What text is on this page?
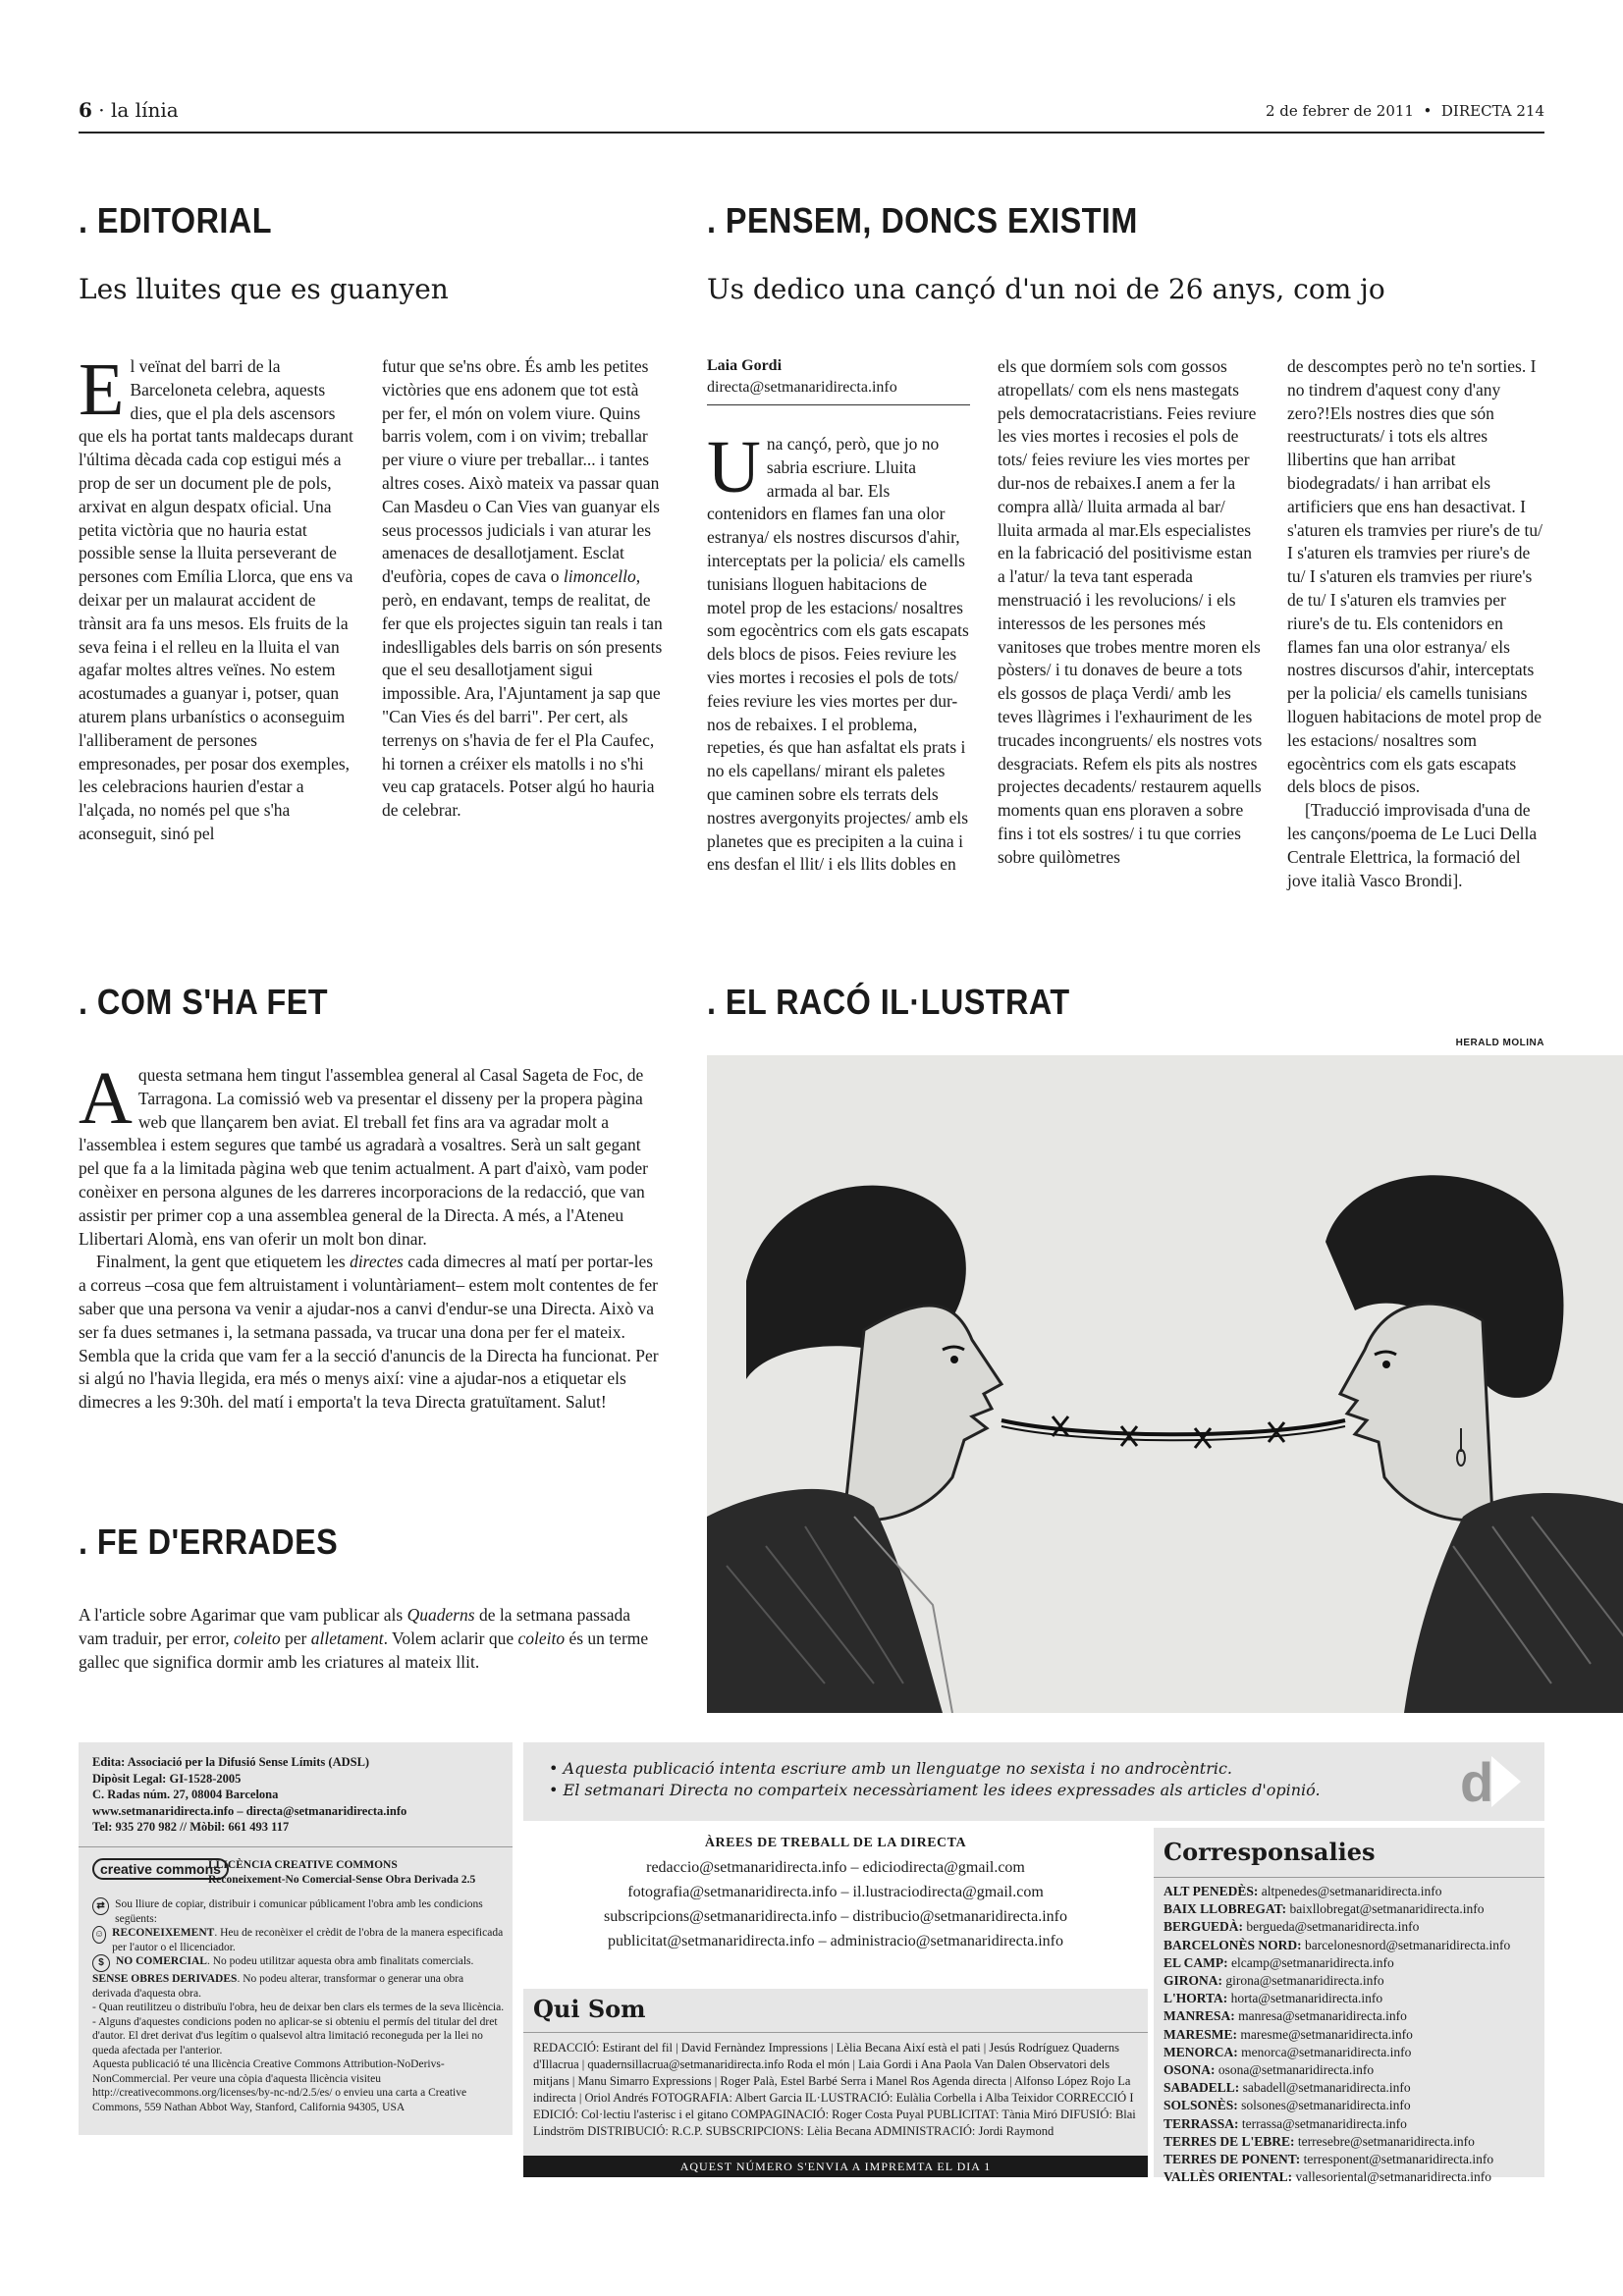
6 · la línia	2 de febrer de 2011  •  DIRECTA 214
. EDITORIAL
Les lluites que es guanyen

El veïnat del barri de la Barceloneta celebra, aquests dies, que el pla dels ascensors que els ha portat tants maldecaps durant l'última dècada cada cop estigui més a prop de ser un document ple de pols, arxivat en algun despatx oficial. Una petita victòria que no hauria estat possible sense la lluita perseverant de persones com Emília Llorca, que ens va deixar per un malaurat accident de trànsit ara fa uns mesos. Els fruits de la seva feina i el relleu en la lluita el van agafar moltes altres veïnes. No estem acostumades a guanyar i, potser, quan aturem plans urbanístics o aconseguim l'alliberament de persones empresonades, per posar dos exemples, les celebracions haurien d'estar a l'alçada, no només pel que s'ha aconseguit, sinó pel

futur que se'ns obre. És amb les petites victòries que ens adonem que tot està per fer, el món on volem viure. Quins barris volem, com i on vivim; treballar per viure o viure per treballar... i tantes altres coses. Això mateix va passar quan Can Masdeu o Can Vies van guanyar els seus processos judicials i van aturar les amenaces de desallotjament. Esclat d'eufòria, copes de cava o limoncello, però, en endavant, temps de realitat, de fer que els projectes siguin tan reals i tan indeslligables dels barris on són presents que el seu desallotjament sigui impossible. Ara, l'Ajuntament ja sap que "Can Vies és del barri". Per cert, als terrenys on s'havia de fer el Pla Caufec, hi tornen a créixer els matolls i no s'hi veu cap gratacels. Potser algú ho hauria de celebrar.

. PENSEM, DONCS EXISTIM
Us dedico una cançó d'un noi de 26 anys, com jo
Laia Gordi
directa@setmanaridirecta.info

Una cançó, però, que jo no sabria escriure. Lluita armada al bar. Els contenidors en flames fan una olor estranya/ els nostres discursos d'ahir, interceptats per la policia/ els camells tunisians lloguen habitacions de motel prop de les estacions/ nosaltres som egocèntrics com els gats escapats dels blocs de pisos. Feies reviure les vies mortes i recosies el pols de tots/ feies reviure les vies mortes per dur-nos de rebaixes. I el problema, repeties, és que han asfaltat els prats i no els capellans/ mirant els paletes que caminen sobre els terrats dels nostres avergonyits projectes/ amb els planetes que es precipiten a la cuina i ens desfan el llit/ i els llits dobles en

els que dormíem sols com gossos atropellats/ com els nens mastegats pels democratacristians. Feies reviure les vies mortes i recosies el pols de tots/ feies reviure les vies mortes per dur-nos de rebaixes.I anem a fer la compra allà/ lluita armada al bar/ lluita armada al mar.Els especialistes en la fabricació del positivisme estan a l'atur/ la teva tant esperada menstruació i les revolucions/ i els interessos de les persones més vanitoses que trobes mentre moren els pòsters/ i tu donaves de beure a tots els gossos de plaça Verdi/ amb les teves llàgrimes i l'exhauriment de les trucades incongruents/ els nostres vots desgraciats. Refem els pits als nostres projectes decadents/ restaurem aquells moments quan ens ploraven a sobre fins i tot els sostres/ i tu que corries sobre quilòmetres

de descomptes però no te'n sorties. I no tindrem d'aquest cony d'any zero?!Els nostres dies que són reestructurats/ i tots els altres llibertins que han arribat biodegradats/ i han arribat els artificiers que ens han desactivat. I s'aturen els tramvies per riure's de tu/ I s'aturen els tramvies per riure's de tu/ I s'aturen els tramvies per riure's de tu/ I s'aturen els tramvies per riure's de tu. Els contenidors en flames fan una olor estranya/ els nostres discursos d'ahir, interceptats per la policia/ els camells tunisians lloguen habitacions de motel prop de les estacions/ nosaltres som egocèntrics com els gats escapats dels blocs de pisos.

[Traducció improvisada d'una de les cançons/poema de Le Luci Della Centrale Elettrica, la formació del jove italià Vasco Brondi].

. COM S'HA FET

Aquesta setmana hem tingut l'assemblea general al Casal Sageta de Foc, de Tarragona. La comissió web va presentar el disseny per la propera pàgina web que llançarem ben aviat. El treball fet fins ara va agradar molt a l'assemblea i estem segures que també us agradarà a vosaltres. Serà un salt gegant pel que fa a la limitada pàgina web que tenim actualment. A part d'això, vam poder conèixer en persona algunes de les darreres incorporacions de la redacció, que van assistir per primer cop a una assemblea general de la Directa. A més, a l'Ateneu Llibertari Alomà, ens van oferir un molt bon dinar.

Finalment, la gent que etiquetem les directes cada dimecres al matí per portar-les a correus –cosa que fem altruistament i voluntàriament– estem molt contentes de fer saber que una persona va venir a ajudar-nos a canvi d'endur-se una Directa. Això va ser fa dues setmanes i, la setmana passada, va trucar una dona per fer el mateix. Sembla que la crida que vam fer a la secció d'anuncis de la Directa ha funcionat. Per si algú no l'havia llegida, era més o menys així: vine a ajudar-nos a etiquetar els dimecres a les 9:30h. del matí i emporta't la teva Directa gratuïtament. Salut!

. FE D'ERRADES

A l'article sobre Agarimar que vam publicar als Quaderns de la setmana passada vam traduir, per error, coleito per alletament. Volem aclarir que coleito és un terme gallec que significa dormir amb les criatures al mateix llit.

. EL RACÓ IL·LUSTRAT
HERALD MOLINA
Edita: Associació per la Difusió Sense Límits (ADSL)
Dipòsit Legal: GI-1528-2005
C. Radas núm. 27, 08004 Barcelona
www.setmanaridirecta.info – directa@setmanaridirecta.info
Tel: 935 270 982 // Mòbil: 661 493 117
creative commons
LLICÈNCIA CREATIVE COMMONS
Reconeixement-No Comercial-Sense Obra Derivada 2.5
⇄ Sou lliure de copiar, distribuir i comunicar públicament l'obra amb les condicions següents:
☺ RECONEIXEMENT. Heu de reconèixer el crèdit de l'obra de la manera especificada per l'autor o el llicenciador.
$	NO COMERCIAL. No podeu utilitzar aquesta obra amb finalitats comercials.
SENSE OBRES DERIVADES. No podeu alterar, transformar o generar una obra derivada d'aquesta obra.
- Quan reutilitzeu o distribuïu l'obra, heu de deixar ben clars els termes de la seva llicència.
- Alguns d'aquestes condicions poden no aplicar-se si obteniu el permís del titular del dret d'autor. El dret derivat d'us legítim o qualsevol altra limitació reconeguda per la llei no queda afectada per l'anterior.
Aquesta publicació té una llicència Creative Commons Attribution-NoDerivs-NonCommercial. Per veure una còpia d'aquesta llicència visiteu http://creativecommons.org/licenses/by-nc-nd/2.5/es/ o envieu una carta a Creative Commons, 559 Nathan Abbot Way, Stanford, California 94305, USA
• Aquesta publicació intenta escriure amb un llenguatge no sexista i no androcèntric.
• El setmanari Directa no comparteix necessàriament les idees expressades als articles d'opinió.	d
ÀREES DE TREBALL DE LA DIRECTA
redaccio@setmanaridirecta.info – ediciodirecta@gmail.com
fotografia@setmanaridirecta.info – il.lustraciodirecta@gmail.com
subscripcions@setmanaridirecta.info – distribucio@setmanaridirecta.info
publicitat@setmanaridirecta.info – administracio@setmanaridirecta.info
Qui Som
REDACCIÓ: Estirant del fil | David Fernàndez Impressions | Lèlia Becana Així està el pati | Jesús Rodríguez Quaderns d'Illacrua | quadernsillacrua@setmanaridirecta.info Roda el món | Laia Gordi i Ana Paola Van Dalen Observatori dels mitjans | Manu Simarro Expressions | Roger Palà, Estel Barbé Serra i Manel Ros Agenda directa | Alfonso López Rojo La indirecta | Oriol Andrés FOTOGRAFIA: Albert Garcia IL·LUSTRACIÓ: Eulàlia Corbella i Alba Teixidor CORRECCIÓ I EDICIÓ: Col·lectiu l'asterisc i el gitano COMPAGINACIÓ: Roger Costa Puyal PUBLICITAT: Tània Miró DIFUSIÓ: Blai Lindström DISTRIBUCIÓ: R.C.P. SUBSCRIPCIONS: Lèlia Becana ADMINISTRACIÓ: Jordi Raymond
AQUEST NÚMERO S'ENVIA A IMPREMTA EL DIA 1
Corresponsalies
ALT PENEDÈS: altpenedes@setmanaridirecta.info
BAIX LLOBREGAT: baixllobregat@setmanaridirecta.info
BERGUEDÀ: bergueda@setmanaridirecta.info
BARCELONÈS NORD: barcelonesnord@setmanaridirecta.info
EL CAMP: elcamp@setmanaridirecta.info
GIRONA: girona@setmanaridirecta.info
L'HORTA: horta@setmanaridirecta.info
MANRESA: manresa@setmanaridirecta.info
MARESME: maresme@setmanaridirecta.info
MENORCA: menorca@setmanaridirecta.info
OSONA: osona@setmanaridirecta.info
SABADELL: sabadell@setmanaridirecta.info
SOLSONÈS: solsones@setmanaridirecta.info
TERRASSA: terrassa@setmanaridirecta.info
TERRES DE L'EBRE: terresebre@setmanaridirecta.info
TERRES DE PONENT: terresponent@setmanaridirecta.info
VALLÈS ORIENTAL: vallesoriental@setmanaridirecta.info
